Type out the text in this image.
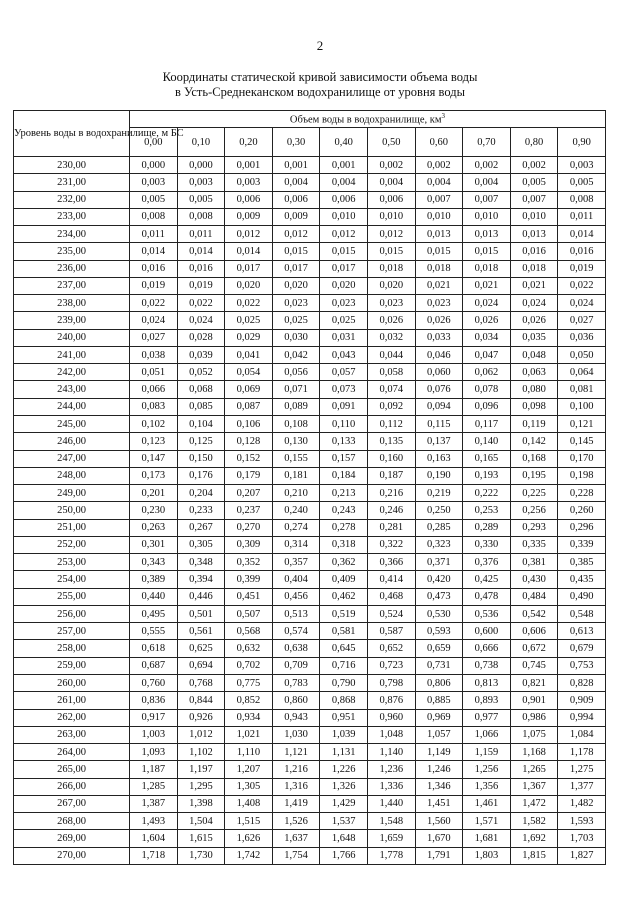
2
Координаты статической кривой зависимости объема воды
в Усть-Среднеканском водохранилище от уровня воды
Уровень воды в водохранилище, м БС	Объем воды в водохранилище, $км^3$
	0,00	0,10	0,20	0,30	0,40	0,50	0,60	0,70	0,80	0,90
230,00	0,000	0,000	0,001	0,001	0,001	0,002	0,002	0,002	0,002	0,003
231,00	0,003	0,003	0,003	0,004	0,004	0,004	0,004	0,004	0,005	0,005
232,00	0,005	0,005	0,006	0,006	0,006	0,006	0,007	0,007	0,007	0,008
233,00	0,008	0,008	0,009	0,009	0,010	0,010	0,010	0,010	0,010	0,011
234,00	0,011	0,011	0,012	0,012	0,012	0,012	0,013	0,013	0,013	0,014
235,00	0,014	0,014	0,014	0,015	0,015	0,015	0,015	0,015	0,016	0,016
236,00	0,016	0,016	0,017	0,017	0,017	0,018	0,018	0,018	0,018	0,019
237,00	0,019	0,019	0,020	0,020	0,020	0,020	0,021	0,021	0,021	0,022
238,00	0,022	0,022	0,022	0,023	0,023	0,023	0,023	0,024	0,024	0,024
239,00	0,024	0,024	0,025	0,025	0,025	0,026	0,026	0,026	0,026	0,027
240,00	0,027	0,028	0,029	0,030	0,031	0,032	0,033	0,034	0,035	0,036
241,00	0,038	0,039	0,041	0,042	0,043	0,044	0,046	0,047	0,048	0,050
242,00	0,051	0,052	0,054	0,056	0,057	0,058	0,060	0,062	0,063	0,064
243,00	0,066	0,068	0,069	0,071	0,073	0,074	0,076	0,078	0,080	0,081
244,00	0,083	0,085	0,087	0,089	0,091	0,092	0,094	0,096	0,098	0,100
245,00	0,102	0,104	0,106	0,108	0,110	0,112	0,115	0,117	0,119	0,121
246,00	0,123	0,125	0,128	0,130	0,133	0,135	0,137	0,140	0,142	0,145
247,00	0,147	0,150	0,152	0,155	0,157	0,160	0,163	0,165	0,168	0,170
248,00	0,173	0,176	0,179	0,181	0,184	0,187	0,190	0,193	0,195	0,198
249,00	0,201	0,204	0,207	0,210	0,213	0,216	0,219	0,222	0,225	0,228
250,00	0,230	0,233	0,237	0,240	0,243	0,246	0,250	0,253	0,256	0,260
251,00	0,263	0,267	0,270	0,274	0,278	0,281	0,285	0,289	0,293	0,296
252,00	0,301	0,305	0,309	0,314	0,318	0,322	0,323	0,330	0,335	0,339
253,00	0,343	0,348	0,352	0,357	0,362	0,366	0,371	0,376	0,381	0,385
254,00	0,389	0,394	0,399	0,404	0,409	0,414	0,420	0,425	0,430	0,435
255,00	0,440	0,446	0,451	0,456	0,462	0,468	0,473	0,478	0,484	0,490
256,00	0,495	0,501	0,507	0,513	0,519	0,524	0,530	0,536	0,542	0,548
257,00	0,555	0,561	0,568	0,574	0,581	0,587	0,593	0,600	0,606	0,613
258,00	0,618	0,625	0,632	0,638	0,645	0,652	0,659	0,666	0,672	0,679
259,00	0,687	0,694	0,702	0,709	0,716	0,723	0,731	0,738	0,745	0,753
260,00	0,760	0,768	0,775	0,783	0,790	0,798	0,806	0,813	0,821	0,828
261,00	0,836	0,844	0,852	0,860	0,868	0,876	0,885	0,893	0,901	0,909
262,00	0,917	0,926	0,934	0,943	0,951	0,960	0,969	0,977	0,986	0,994
263,00	1,003	1,012	1,021	1,030	1,039	1,048	1,057	1,066	1,075	1,084
264,00	1,093	1,102	1,110	1,121	1,131	1,140	1,149	1,159	1,168	1,178
265,00	1,187	1,197	1,207	1,216	1,226	1,236	1,246	1,256	1,265	1,275
266,00	1,285	1,295	1,305	1,316	1,326	1,336	1,346	1,356	1,367	1,377
267,00	1,387	1,398	1,408	1,419	1,429	1,440	1,451	1,461	1,472	1,482
268,00	1,493	1,504	1,515	1,526	1,537	1,548	1,560	1,571	1,582	1,593
269,00	1,604	1,615	1,626	1,637	1,648	1,659	1,670	1,681	1,692	1,703
270,00	1,718	1,730	1,742	1,754	1,766	1,778	1,791	1,803	1,815	1,827
